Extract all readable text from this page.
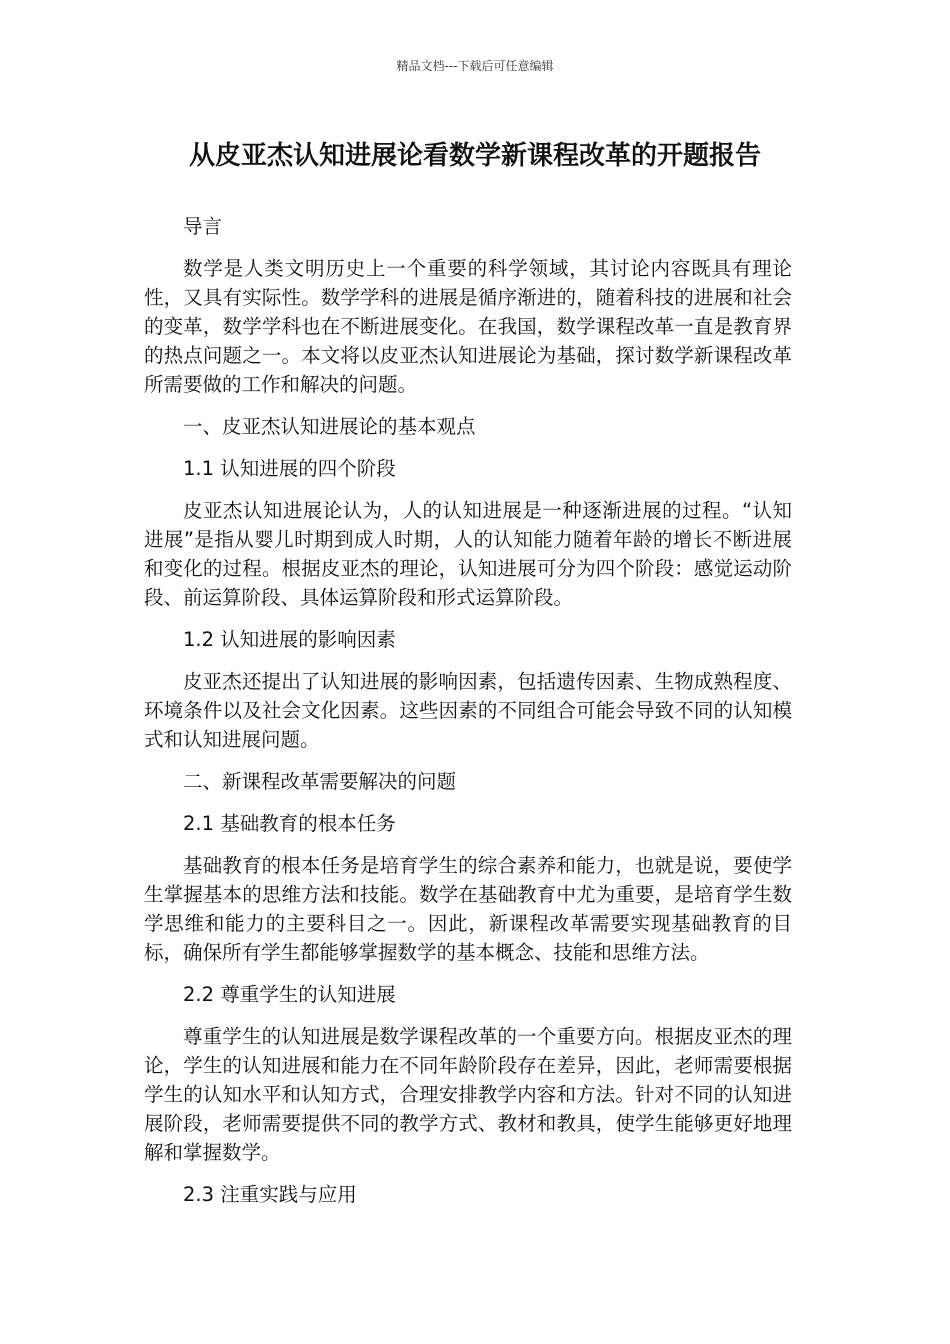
精品文档---下载后可任意编辑
从皮亚杰认知进展论看数学新课程改革的开题报告

导言

数学是人类文明历史上一个重要的科学领域，其讨论内容既具有理论性，又具有实际性。数学学科的进展是循序渐进的，随着科技的进展和社会的变革，数学学科也在不断进展变化。在我国，数学课程改革一直是教育界的热点问题之一。本文将以皮亚杰认知进展论为基础，探讨数学新课程改革所需要做的工作和解决的问题。

一、皮亚杰认知进展论的基本观点

1.1 认知进展的四个阶段

皮亚杰认知进展论认为，人的认知进展是一种逐渐进展的过程。“认知进展”是指从婴儿时期到成人时期，人的认知能力随着年龄的增长不断进展和变化的过程。根据皮亚杰的理论，认知进展可分为四个阶段：感觉运动阶段、前运算阶段、具体运算阶段和形式运算阶段。

1.2 认知进展的影响因素

皮亚杰还提出了认知进展的影响因素，包括遗传因素、生物成熟程度、环境条件以及社会文化因素。这些因素的不同组合可能会导致不同的认知模式和认知进展问题。

二、新课程改革需要解决的问题

2.1 基础教育的根本任务

基础教育的根本任务是培育学生的综合素养和能力，也就是说，要使学生掌握基本的思维方法和技能。数学在基础教育中尤为重要，是培育学生数学思维和能力的主要科目之一。因此，新课程改革需要实现基础教育的目标，确保所有学生都能够掌握数学的基本概念、技能和思维方法。

2.2 尊重学生的认知进展

尊重学生的认知进展是数学课程改革的一个重要方向。根据皮亚杰的理论，学生的认知进展和能力在不同年龄阶段存在差异，因此，老师需要根据学生的认知水平和认知方式，合理安排教学内容和方法。针对不同的认知进展阶段，老师需要提供不同的教学方式、教材和教具，使学生能够更好地理解和掌握数学。

2.3 注重实践与应用
